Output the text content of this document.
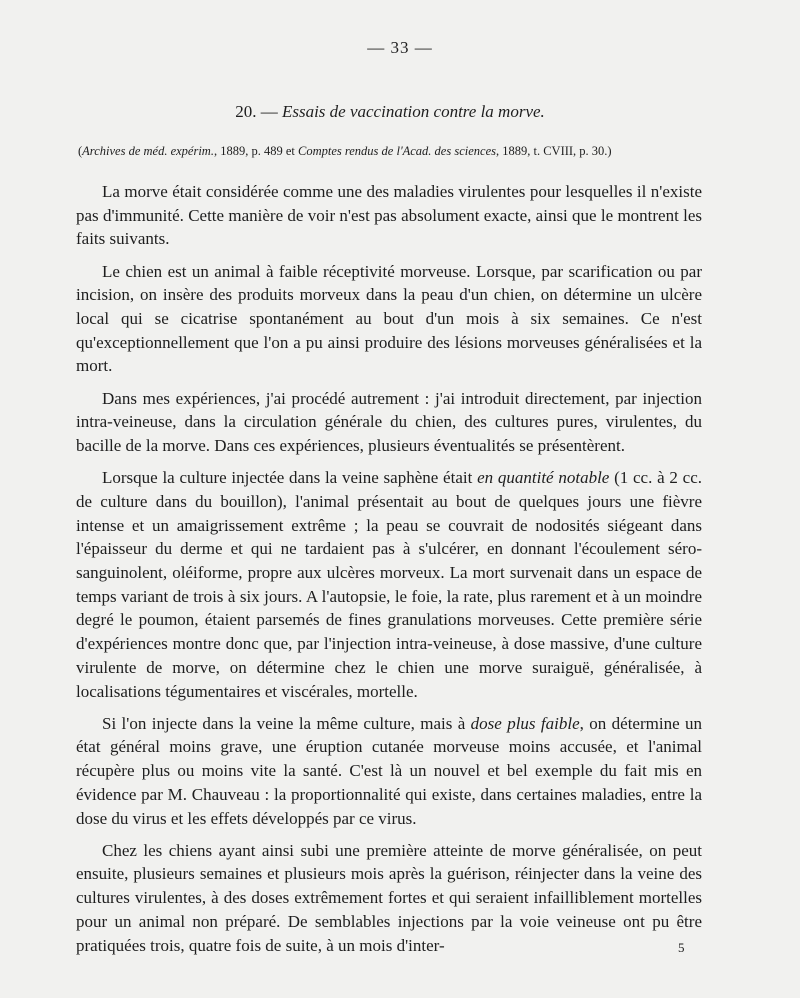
— 33 —
20. — Essais de vaccination contre la morve.
(Archives de méd. expérim., 1889, p. 489 et Comptes rendus de l'Acad. des sciences, 1889, t. CVIII, p. 30.)

La morve était considérée comme une des maladies virulentes pour lesquelles il n'existe pas d'immunité. Cette manière de voir n'est pas absolument exacte, ainsi que le montrent les faits suivants.

Le chien est un animal à faible réceptivité morveuse. Lorsque, par scarification ou par incision, on insère des produits morveux dans la peau d'un chien, on détermine un ulcère local qui se cicatrise spontanément au bout d'un mois à six semaines. Ce n'est qu'exceptionnellement que l'on a pu ainsi produire des lésions morveuses généralisées et la mort.

Dans mes expériences, j'ai procédé autrement : j'ai introduit directement, par injection intra-veineuse, dans la circulation générale du chien, des cultures pures, virulentes, du bacille de la morve. Dans ces expériences, plusieurs éventualités se présentèrent.

Lorsque la culture injectée dans la veine saphène était en quantité notable (1 cc. à 2 cc. de culture dans du bouillon), l'animal présentait au bout de quelques jours une fièvre intense et un amaigrissement extrême ; la peau se couvrait de nodosités siégeant dans l'épaisseur du derme et qui ne tardaient pas à s'ulcérer, en donnant l'écoulement séro-sanguinolent, oléiforme, propre aux ulcères morveux. La mort survenait dans un espace de temps variant de trois à six jours. A l'autopsie, le foie, la rate, plus rarement et à un moindre degré le poumon, étaient parsemés de fines granulations morveuses. Cette première série d'expériences montre donc que, par l'injection intra-veineuse, à dose massive, d'une culture virulente de morve, on détermine chez le chien une morve suraiguë, généralisée, à localisations tégumentaires et viscérales, mortelle.

Si l'on injecte dans la veine la même culture, mais à dose plus faible, on détermine un état général moins grave, une éruption cutanée morveuse moins accusée, et l'animal récupère plus ou moins vite la santé. C'est là un nouvel et bel exemple du fait mis en évidence par M. Chauveau : la proportionnalité qui existe, dans certaines maladies, entre la dose du virus et les effets développés par ce virus.

Chez les chiens ayant ainsi subi une première atteinte de morve généralisée, on peut ensuite, plusieurs semaines et plusieurs mois après la guérison, réinjecter dans la veine des cultures virulentes, à des doses extrêmement fortes et qui seraient infailliblement mortelles pour un animal non préparé. De semblables injections par la voie veineuse ont pu être pratiquées trois, quatre fois de suite, à un mois d'inter-	5
